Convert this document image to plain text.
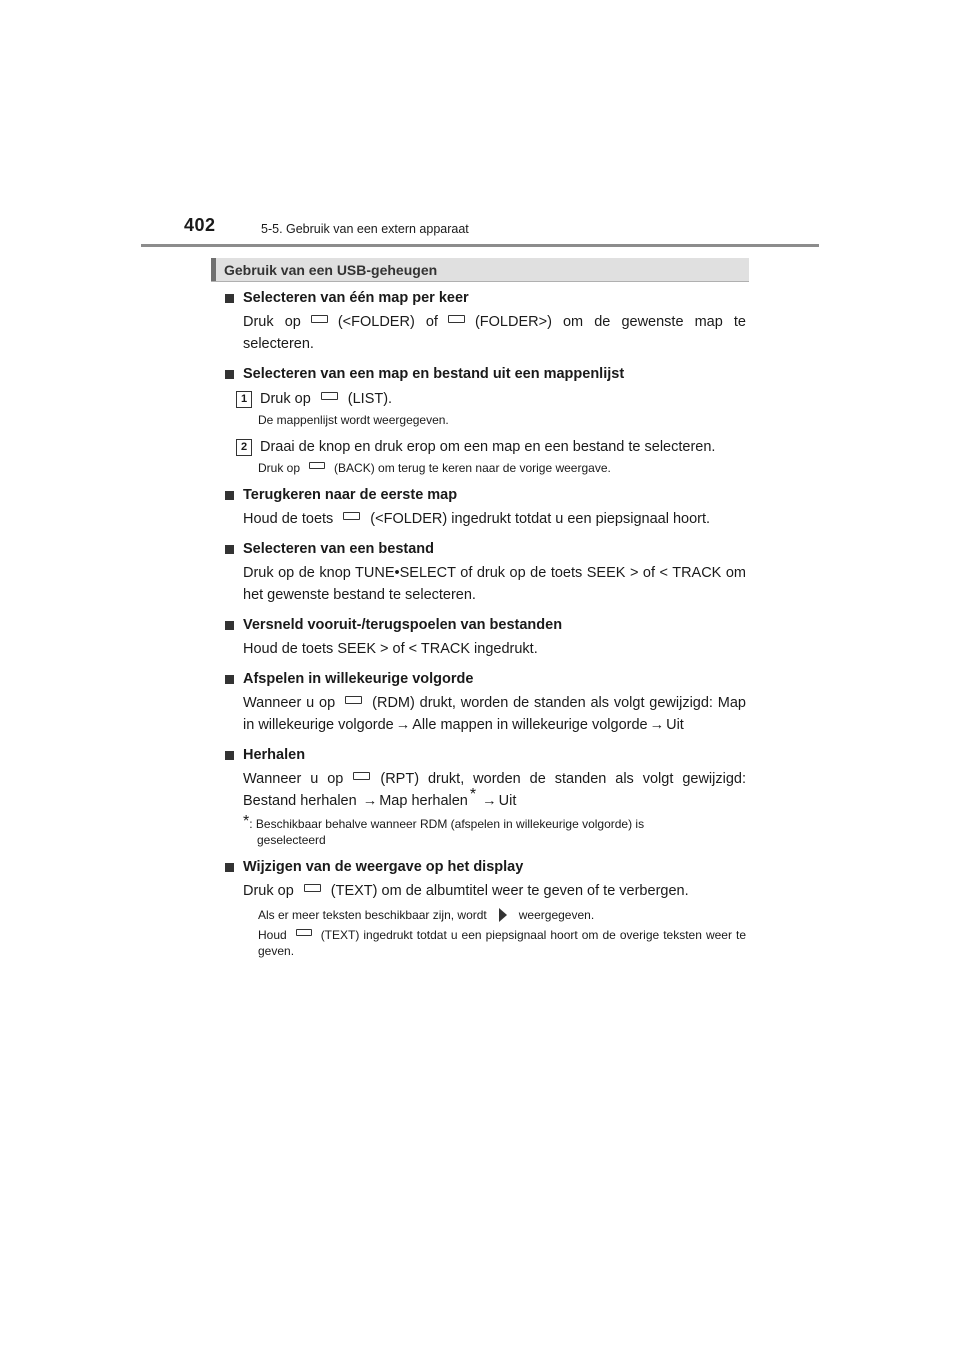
402	5-5. Gebruik van een extern apparaat
Gebruik van een USB-geheugen
Selecteren van één map per keer
Druk op	(<FOLDER) of	(FOLDER>) om de gewenste map te selecteren.
Selecteren van een map en bestand uit een mappenlijst
1 Druk op	(LIST).
De mappenlijst wordt weergegeven.
2 Draai de knop en druk erop om een map en een bestand te selecteren.
Druk op	(BACK) om terug te keren naar de vorige weergave.
Terugkeren naar de eerste map
Houd de toets	(<FOLDER) ingedrukt totdat u een piepsignaal hoort.
Selecteren van een bestand
Druk op de knop TUNE•SELECT of druk op de toets SEEK > of < TRACK om het gewenste bestand te selecteren.
Versneld vooruit-/terugspoelen van bestanden
Houd de toets SEEK > of < TRACK ingedrukt.
Afspelen in willekeurige volgorde
Wanneer u op	(RDM) drukt, worden de standen als volgt gewijzigd: Map in willekeurige volgorde → Alle mappen in willekeurige volgorde → Uit
Herhalen
Wanneer u op	(RPT) drukt, worden de standen als volgt gewijzigd: Bestand herhalen → Map herhalen * → Uit
*: Beschikbaar behalve wanneer RDM (afspelen in willekeurige volgorde) is
geselecteerd
Wijzigen van de weergave op het display
Druk op	(TEXT) om de albumtitel weer te geven of te verbergen.
Als er meer teksten beschikbaar zijn, wordt	weergegeven.
Houd	(TEXT) ingedrukt totdat u een piepsignaal hoort om de overige teksten weer te geven.
